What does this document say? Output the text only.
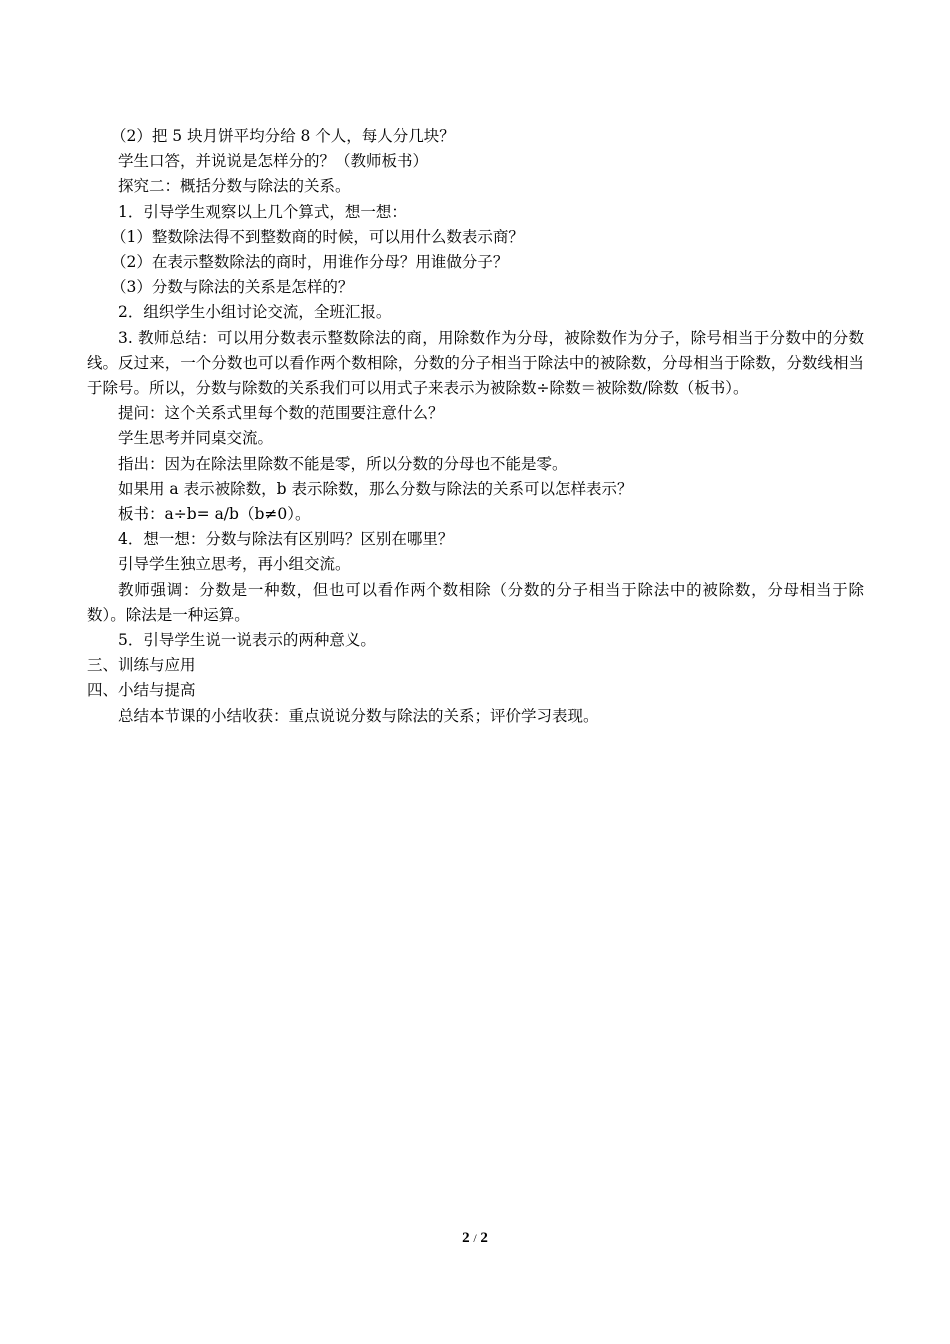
（2）把 5 块月饼平均分给 8 个人，每人分几块？

学生口答，并说说是怎样分的？（教师板书）

探究二：概括分数与除法的关系。

1．引导学生观察以上几个算式，想一想：

（1）整数除法得不到整数商的时候，可以用什么数表示商？

（2）在表示整数除法的商时，用谁作分母？用谁做分子？

（3）分数与除法的关系是怎样的？

2．组织学生小组讨论交流，全班汇报。

3. 教师总结：可以用分数表示整数除法的商，用除数作为分母，被除数作为分子，除号相当于分数中的分数线。反过来，一个分数也可以看作两个数相除，分数的分子相当于除法中的被除数，分母相当于除数，分数线相当于除号。所以，分数与除数的关系我们可以用式子来表示为被除数÷除数＝被除数/除数（板书）。

提问：这个关系式里每个数的范围要注意什么？

学生思考并同桌交流。

指出：因为在除法里除数不能是零，所以分数的分母也不能是零。

如果用 a 表示被除数，b 表示除数，那么分数与除法的关系可以怎样表示？

板书：a÷b= a/b（b≠0）。

4．想一想：分数与除法有区别吗？区别在哪里？

引导学生独立思考，再小组交流。

教师强调：分数是一种数，但也可以看作两个数相除（分数的分子相当于除法中的被除数，分母相当于除数）。除法是一种运算。

5．引导学生说一说表示的两种意义。

三、训练与应用

四、小结与提高

总结本节课的小结收获：重点说说分数与除法的关系；评价学习表现。

2 / 2
